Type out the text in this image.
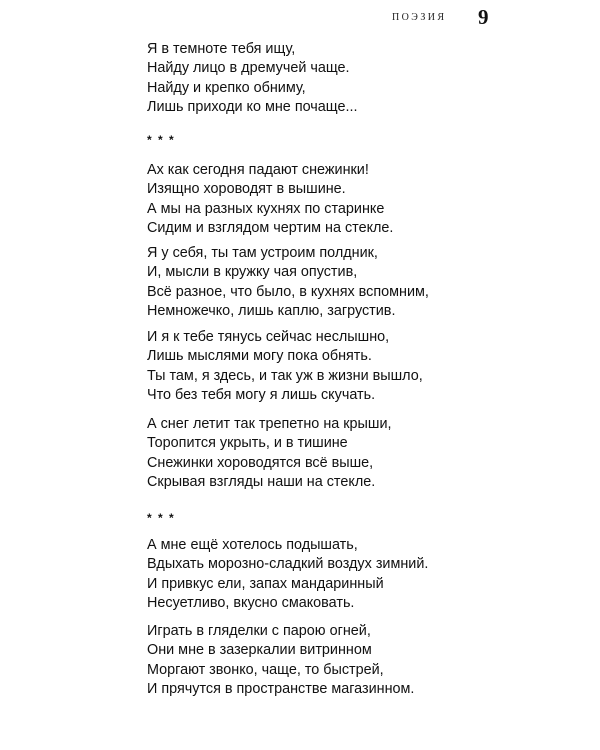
ПОЭЗИЯ 9
Я в темноте тебя ищу,
Найду лицо в дремучей чаще.
Найду и крепко обниму,
Лишь приходи ко мне почаще...
* * *
Ах как сегодня падают снежинки!
Изящно хороводят в вышине.
А мы на разных кухнях по старинке
Сидим и взглядом чертим на стекле.
Я у себя, ты там устроим полдник,
И, мысли в кружку чая опустив,
Всё разное, что было, в кухнях вспомним,
Немножечко, лишь каплю, загрустив.
И я к тебе тянусь сейчас неслышно,
Лишь мыслями могу пока обнять.
Ты там, я здесь, и так уж в жизни вышло,
Что без тебя могу я лишь скучать.
А снег летит так трепетно на крыши,
Торопится укрыть, и в тишине
Снежинки хороводятся всё выше,
Скрывая взгляды наши на стекле.
* * *
А мне ещё хотелось подышать,
Вдыхать морозно-сладкий воздух зимний.
И привкус ели, запах мандаринный
Несуетливо, вкусно смаковать.
Играть в гляделки с парою огней,
Они мне в зазеркалии витринном
Моргают звонко, чаще, то быстрей,
И прячутся в пространстве магазинном.
